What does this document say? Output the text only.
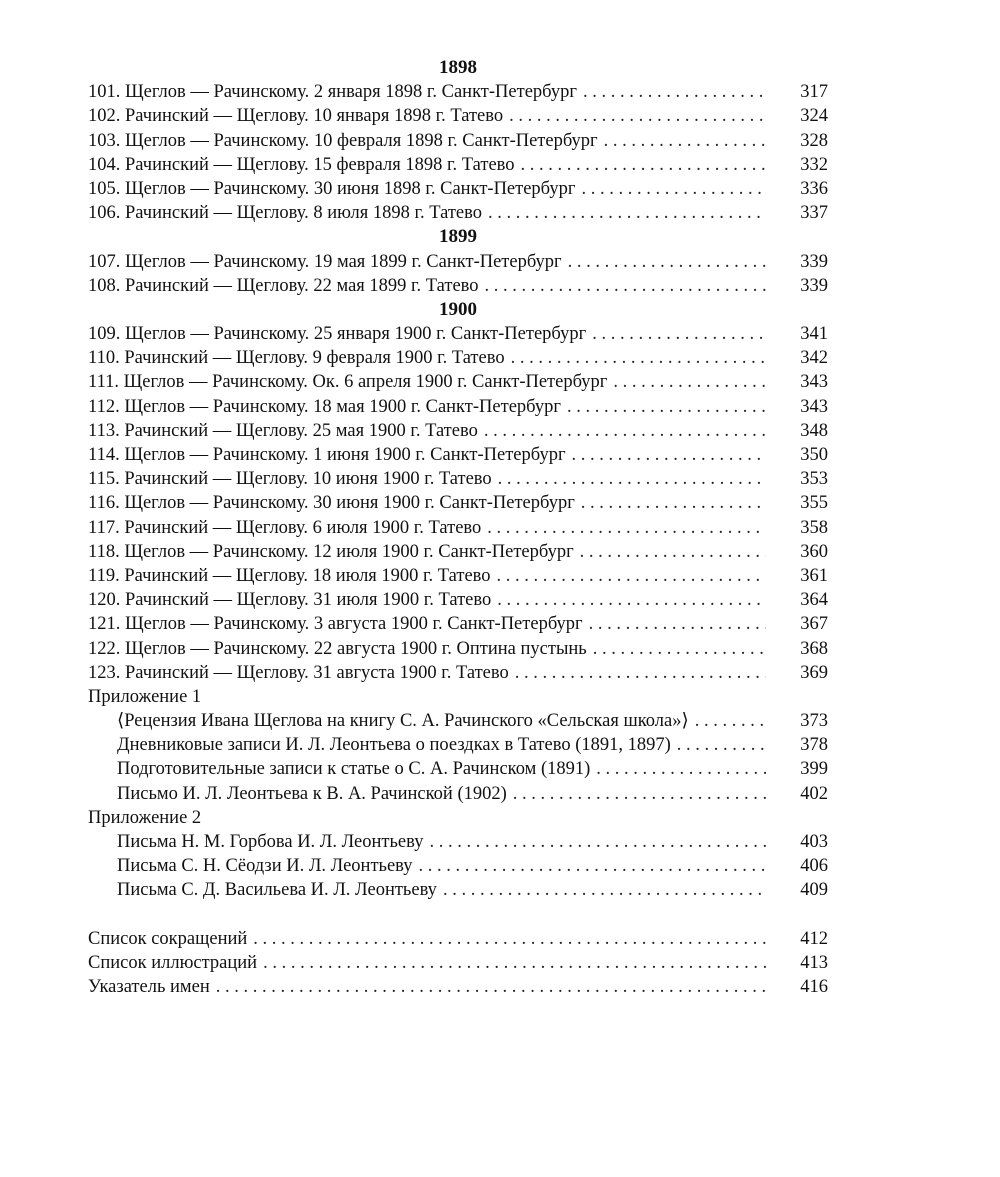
1898
101. Щеглов — Рачинскому. 2 января 1898 г. Санкт-Петербург . . .	317
102. Рачинский — Щеглову. 10 января 1898 г. Татево . . .	324
103. Щеглов — Рачинскому. 10 февраля 1898 г. Санкт-Петербург . . .	328
104. Рачинский — Щеглову. 15 февраля 1898 г. Татево . . .	332
105. Щеглов — Рачинскому. 30 июня 1898 г. Санкт-Петербург . . .	336
106. Рачинский — Щеглову. 8 июля 1898 г. Татево . . .	337
1899
107. Щеглов — Рачинскому. 19 мая 1899 г. Санкт-Петербург . . .	339
108. Рачинский — Щеглову. 22 мая 1899 г. Татево . . .	339
1900
109. Щеглов — Рачинскому. 25 января 1900 г. Санкт-Петербург . . .	341
110. Рачинский — Щеглову. 9 февраля 1900 г. Татево . . .	342
111. Щеглов — Рачинскому. Ок. 6 апреля 1900 г. Санкт-Петербург . . .	343
112. Щеглов — Рачинскому. 18 мая 1900 г. Санкт-Петербург . . .	343
113. Рачинский — Щеглову. 25 мая 1900 г. Татево . . .	348
114. Щеглов — Рачинскому. 1 июня 1900 г. Санкт-Петербург . . .	350
115. Рачинский — Щеглову. 10 июня 1900 г. Татево . . .	353
116. Щеглов — Рачинскому. 30 июня 1900 г. Санкт-Петербург . . .	355
117. Рачинский — Щеглову. 6 июля 1900 г. Татево . . .	358
118. Щеглов — Рачинскому. 12 июля 1900 г. Санкт-Петербург . . .	360
119. Рачинский — Щеглову. 18 июля 1900 г. Татево . . .	361
120. Рачинский — Щеглову. 31 июля 1900 г. Татево . . .	364
121. Щеглов — Рачинскому. 3 августа 1900 г. Санкт-Петербург . . .	367
122. Щеглов — Рачинскому. 22 августа 1900 г. Оптина пустынь . . .	368
123. Рачинский — Щеглову. 31 августа 1900 г. Татево . . .	369
Приложение 1
⟨Рецензия Ивана Щеглова на книгу С. А. Рачинского «Сельская школа»⟩ . . .	373
Дневниковые записи И. Л. Леонтьева о поездках в Татево (1891, 1897) . . .	378
Подготовительные записи к статье о С. А. Рачинском (1891) . . .	399
Письмо И. Л. Леонтьева к В. А. Рачинской (1902) . . .	402
Приложение 2
Письма Н. М. Горбова И. Л. Леонтьеву . . .	403
Письма С. Н. Сёодзи И. Л. Леонтьеву . . .	406
Письма С. Д. Васильева И. Л. Леонтьеву . . .	409
Список сокращений . . .	412
Список иллюстраций . . .	413
Указатель имен . . .	416
